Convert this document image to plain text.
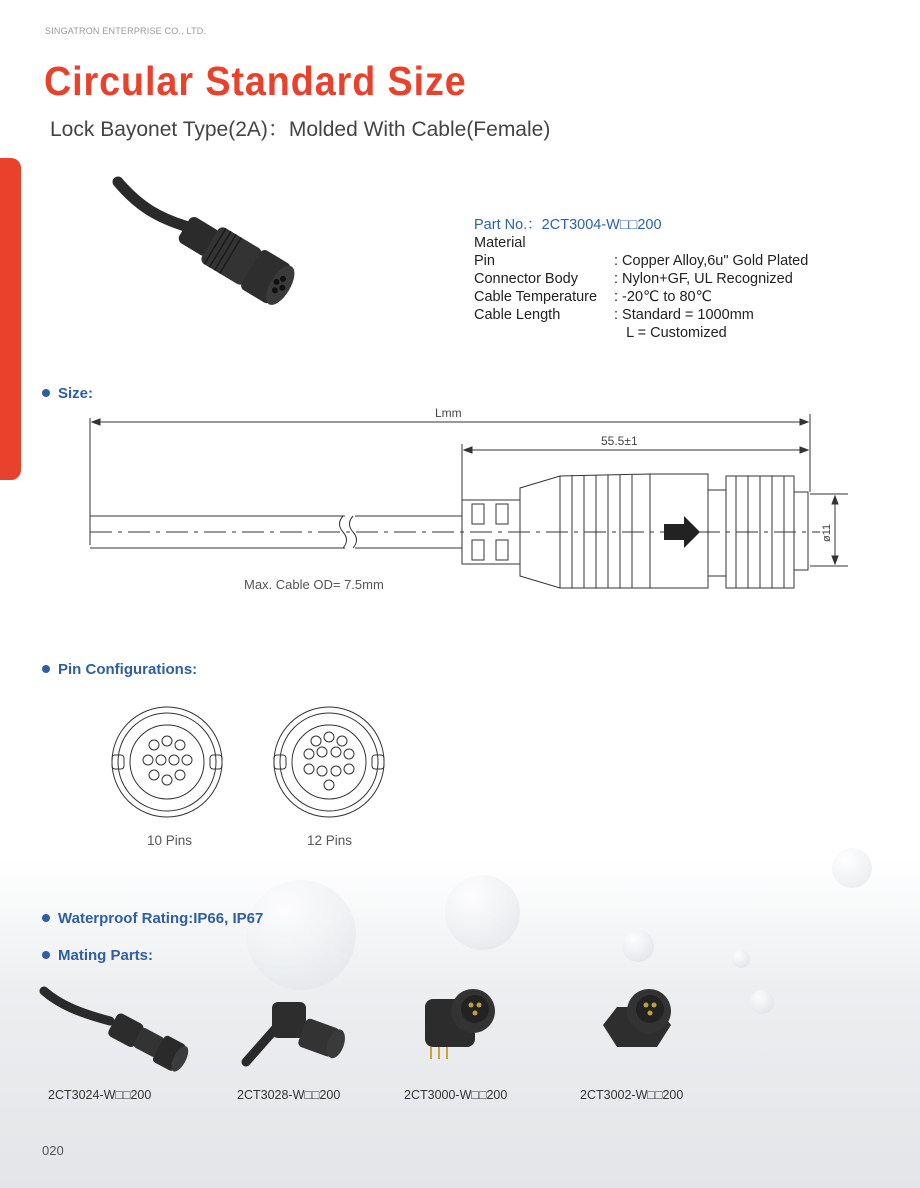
SINGATRON ENTERPRISE CO., LTD.
Circular Standard Size
Lock Bayonet Type(2A)：Molded With Cable(Female)
Part No.：2CT3004-W□□200
Material
Pin	: Copper Alloy,6u" Gold Plated
Connector Body	: Nylon+GF, UL Recognized
Cable Temperature	: -20℃ to 80℃
Cable Length	: Standard = 1000mm
L = Customized
Size:
Lmm
55.5±1
ø11
Max. Cable OD= 7.5mm
Pin Configurations:
10 Pins	12 Pins
Waterproof Rating:IP66, IP67
Mating Parts:
2CT3024-W□□200	2CT3028-W□□200	2CT3000-W□□200	2CT3002-W□□200
020
